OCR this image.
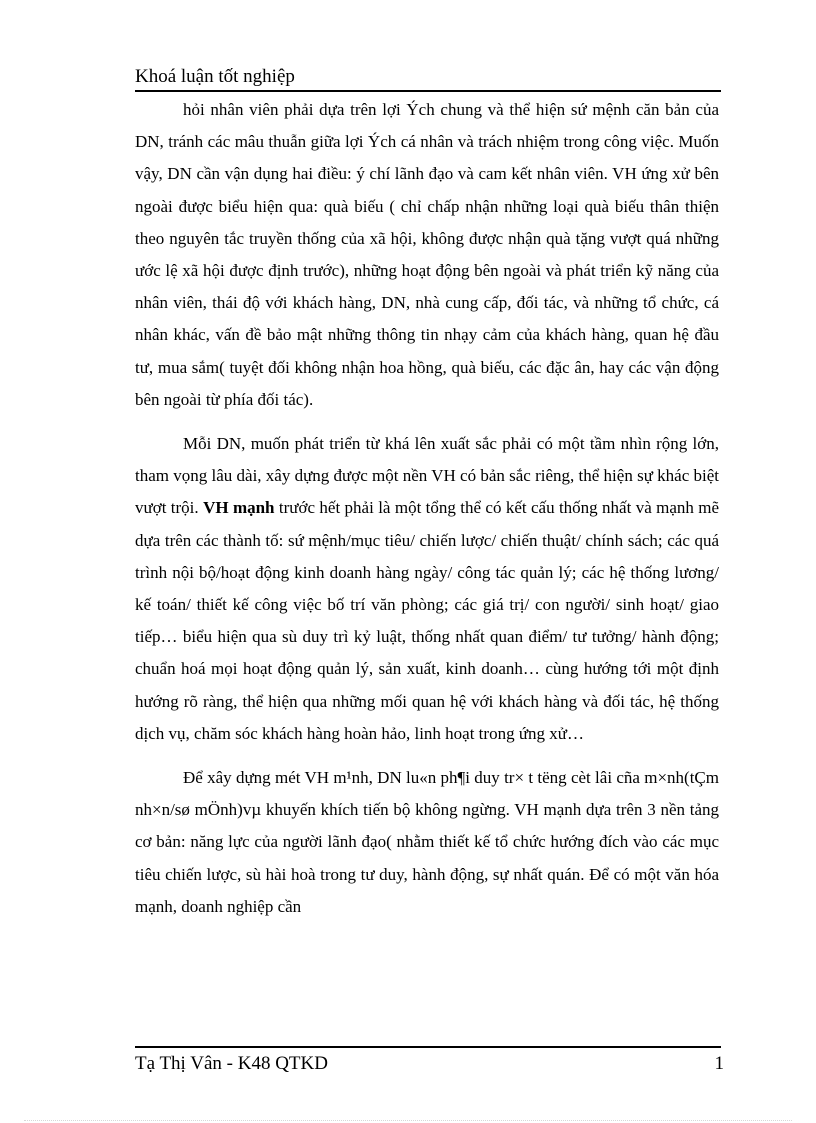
Khoá luận tốt nghiệp

hỏi nhân viên phải dựa trên lợi Ých chung và thể hiện sứ mệnh căn bản của DN, tránh các mâu thuẫn giữa lợi Ých cá nhân và trách nhiệm trong công việc. Muốn vậy, DN cần vận dụng hai điều: ý chí lãnh đạo và cam kết nhân viên. VH ứng xử bên ngoài được biểu hiện qua: quà biếu ( chỉ chấp nhận những loại quà biếu thân thiện theo nguyên tắc truyền thống của xã hội, không được nhận quà tặng vượt quá những ước lệ xã hội được định trước), những hoạt động bên ngoài và phát triển kỹ năng của nhân viên, thái độ với khách hàng, DN, nhà cung cấp, đối tác, và những tổ chức, cá nhân khác, vấn đề bảo mật những thông tin nhạy cảm của khách hàng, quan hệ đầu tư, mua sắm( tuyệt đối không nhận hoa hồng, quà biếu, các đặc ân, hay các vận động bên ngoài từ phía đối tác).

Mỗi DN, muốn phát triển từ khá lên xuất sắc phải có một tầm nhìn rộng lớn, tham vọng lâu dài, xây dựng được một nền VH có bản sắc riêng, thể hiện sự khác biệt vượt trội. VH mạnh trước hết phải là một tổng thể có kết cấu thống nhất và mạnh mẽ dựa trên các thành tố: sứ mệnh/mục tiêu/ chiến lược/ chiến thuật/ chính sách; các quá trình nội bộ/hoạt động kinh doanh hàng ngày/ công tác quản lý; các hệ thống lương/ kế toán/ thiết kế công việc bố trí văn phòng; các giá trị/ con người/ sinh hoạt/ giao tiếp… biểu hiện qua sù duy trì kỷ luật, thống nhất quan điểm/ tư tưởng/ hành động; chuẩn hoá mọi hoạt động quản lý, sản xuất, kinh doanh… cùng hướng tới một định hướng rõ ràng, thể hiện qua những mối quan hệ với khách hàng và đối tác, hệ thống dịch vụ, chăm sóc khách hàng hoàn hảo, linh hoạt trong ứng xử…

Để xây dựng mét VH m¹nh, DN lu«n ph¶i duy tr× t tëng cèt lâi cña m×nh(tÇm nh×n/sø mÖnh)vµ khuyến khích tiến bộ không ngừng. VH mạnh dựa trên 3 nền tảng cơ bản: năng lực của người lãnh đạo( nhằm thiết kế tổ chức hướng đích vào các mục tiêu chiến lược, sù hài hoà trong tư duy, hành động, sự nhất quán. Để có một văn hóa mạnh, doanh nghiệp cần

Tạ Thị Vân - K48 QTKD	1
